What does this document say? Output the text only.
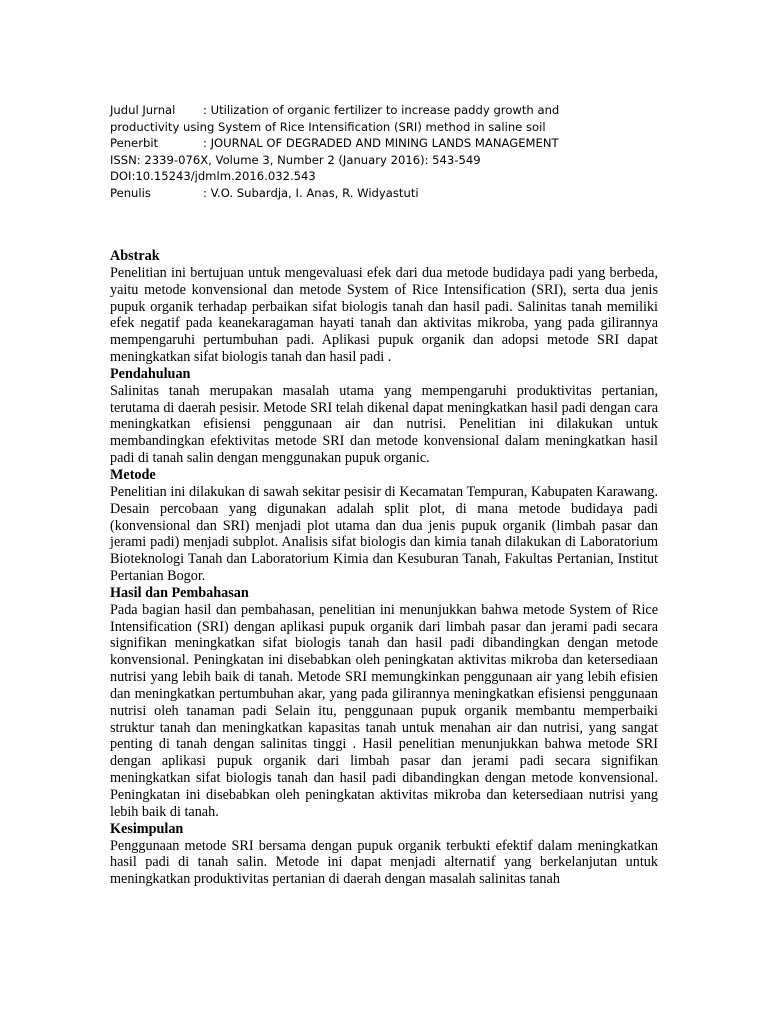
Judul Jurnal	: Utilization of organic fertilizer to increase paddy growth and
productivity using System of Rice Intensification (SRI) method in saline soil
Penerbit	: JOURNAL OF DEGRADED AND MINING LANDS MANAGEMENT
ISSN: 2339-076X, Volume 3, Number 2 (January 2016): 543-549
DOI:10.15243/jdmlm.2016.032.543
Penulis	: V.O. Subardja, I. Anas, R. Widyastuti
Abstrak

Penelitian ini bertujuan untuk mengevaluasi efek dari dua metode budidaya padi yang berbeda, yaitu metode konvensional dan metode System of Rice Intensification (SRI), serta dua jenis pupuk organik terhadap perbaikan sifat biologis tanah dan hasil padi. Salinitas tanah memiliki efek negatif pada keanekaragaman hayati tanah dan aktivitas mikroba, yang pada gilirannya mempengaruhi pertumbuhan padi. Aplikasi pupuk organik dan adopsi metode SRI dapat meningkatkan sifat biologis tanah dan hasil padi .

Pendahuluan

Salinitas tanah merupakan masalah utama yang mempengaruhi produktivitas pertanian, terutama di daerah pesisir. Metode SRI telah dikenal dapat meningkatkan hasil padi dengan cara meningkatkan efisiensi penggunaan air dan nutrisi. Penelitian ini dilakukan untuk membandingkan efektivitas metode SRI dan metode konvensional dalam meningkatkan hasil padi di tanah salin dengan menggunakan pupuk organic.

Metode

Penelitian ini dilakukan di sawah sekitar pesisir di Kecamatan Tempuran, Kabupaten Karawang. Desain percobaan yang digunakan adalah split plot, di mana metode budidaya padi (konvensional dan SRI) menjadi plot utama dan dua jenis pupuk organik (limbah pasar dan jerami padi) menjadi subplot. Analisis sifat biologis dan kimia tanah dilakukan di Laboratorium Bioteknologi Tanah dan Laboratorium Kimia dan Kesuburan Tanah, Fakultas Pertanian, Institut Pertanian Bogor.

Hasil dan Pembahasan

Pada bagian hasil dan pembahasan, penelitian ini menunjukkan bahwa metode System of Rice Intensification (SRI) dengan aplikasi pupuk organik dari limbah pasar dan jerami padi secara signifikan meningkatkan sifat biologis tanah dan hasil padi dibandingkan dengan metode konvensional. Peningkatan ini disebabkan oleh peningkatan aktivitas mikroba dan ketersediaan nutrisi yang lebih baik di tanah. Metode SRI memungkinkan penggunaan air yang lebih efisien dan meningkatkan pertumbuhan akar, yang pada gilirannya meningkatkan efisiensi penggunaan nutrisi oleh tanaman padi Selain itu, penggunaan pupuk organik membantu memperbaiki struktur tanah dan meningkatkan kapasitas tanah untuk menahan air dan nutrisi, yang sangat penting di tanah dengan salinitas tinggi . Hasil penelitian menunjukkan bahwa metode SRI dengan aplikasi pupuk organik dari limbah pasar dan jerami padi secara signifikan meningkatkan sifat biologis tanah dan hasil padi dibandingkan dengan metode konvensional. Peningkatan ini disebabkan oleh peningkatan aktivitas mikroba dan ketersediaan nutrisi yang lebih baik di tanah.

Kesimpulan

Penggunaan metode SRI bersama dengan pupuk organik terbukti efektif dalam meningkatkan hasil padi di tanah salin. Metode ini dapat menjadi alternatif yang berkelanjutan untuk meningkatkan produktivitas pertanian di daerah dengan masalah salinitas tanah
